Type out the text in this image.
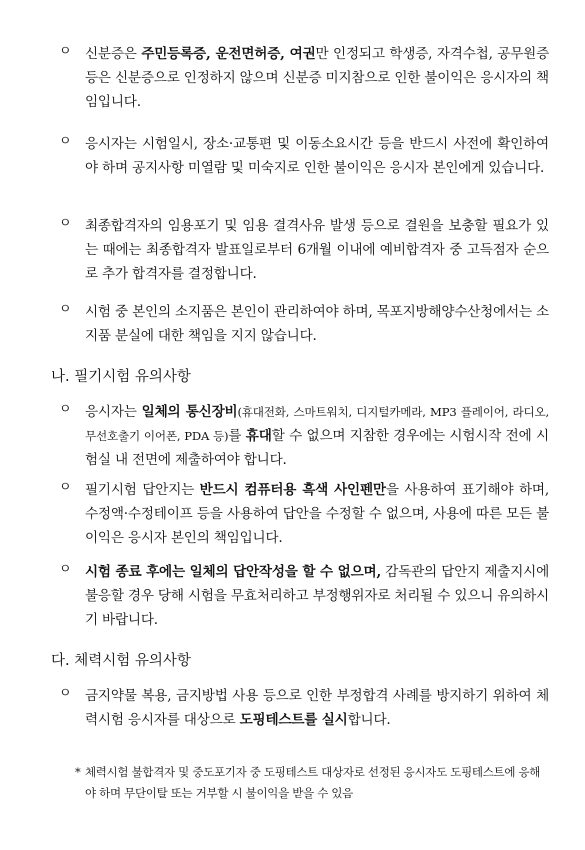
ㅇ 신분증은 주민등록증, 운전면허증, 여권만 인정되고 학생증, 자격수첩, 공무원증 등은 신분증으로 인정하지 않으며 신분증 미지참으로 인한 불이익은 응시자의 책임입니다.
ㅇ 응시자는 시험일시, 장소·교통편 및 이동소요시간 등을 반드시 사전에 확인하여야 하며 공지사항 미열람 및 미숙지로 인한 불이익은 응시자 본인에게 있습니다.
ㅇ 최종합격자의 임용포기 및 임용 결격사유 발생 등으로 결원을 보충할 필요가 있는 때에는 최종합격자 발표일로부터 6개월 이내에 예비합격자 중 고득점자 순으로 추가 합격자를 결정합니다.
ㅇ 시험 중 본인의 소지품은 본인이 관리하여야 하며, 목포지방해양수산청에서는 소지품 분실에 대한 책임을 지지 않습니다.
나. 필기시험 유의사항
ㅇ 응시자는 일체의 통신장비(휴대전화, 스마트워치, 디지털카메라, MP3 플레이어, 라디오, 무선호출기 이어폰, PDA 등)를 휴대할 수 없으며 지참한 경우에는 시험시작 전에 시험실 내 전면에 제출하여야 합니다.
ㅇ 필기시험 답안지는 반드시 컴퓨터용 흑색 사인펜만을 사용하여 표기해야 하며, 수정액·수정테이프 등을 사용하여 답안을 수정할 수 없으며, 사용에 따른 모든 불이익은 응시자 본인의 책임입니다.
ㅇ 시험 종료 후에는 일체의 답안작성을 할 수 없으며, 감독관의 답안지 제출지시에 불응할 경우 당해 시험을 무효처리하고 부정행위자로 처리될 수 있으니 유의하시기 바랍니다.
다. 체력시험 유의사항
ㅇ 금지약물 복용, 금지방법 사용 등으로 인한 부정합격 사례를 방지하기 위하여 체력시험 응시자를 대상으로 도핑테스트를 실시합니다.
* 체력시험 불합격자 및 중도포기자 중 도핑테스트 대상자로 선정된 응시자도 도핑테스트에 응해야 하며 무단이탈 또는 거부할 시 불이익을 받을 수 있음
